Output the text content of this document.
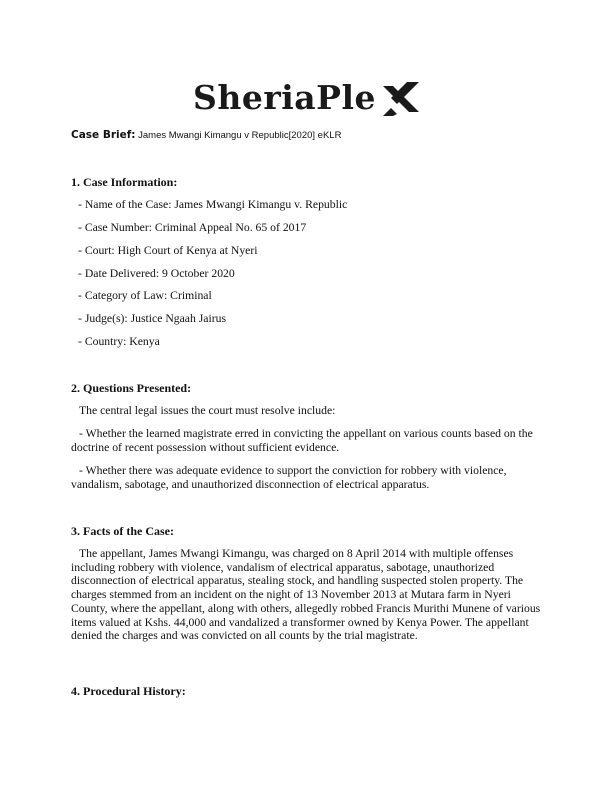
SheriaPle
Case Brief: James Mwangi Kimangu v Republic[2020] eKLR
1. Case Information:
- Name of the Case: James Mwangi Kimangu v. Republic
- Case Number: Criminal Appeal No. 65 of 2017
- Court: High Court of Kenya at Nyeri
- Date Delivered: 9 October 2020
- Category of Law: Criminal
- Judge(s): Justice Ngaah Jairus
- Country: Kenya
2. Questions Presented:
The central legal issues the court must resolve include:
- Whether the learned magistrate erred in convicting the appellant on various counts based on the doctrine of recent possession without sufficient evidence.
- Whether there was adequate evidence to support the conviction for robbery with violence, vandalism, sabotage, and unauthorized disconnection of electrical apparatus.
3. Facts of the Case:
The appellant, James Mwangi Kimangu, was charged on 8 April 2014 with multiple offenses including robbery with violence, vandalism of electrical apparatus, sabotage, unauthorized disconnection of electrical apparatus, stealing stock, and handling suspected stolen property. The charges stemmed from an incident on the night of 13 November 2013 at Mutara farm in Nyeri County, where the appellant, along with others, allegedly robbed Francis Murithi Munene of various items valued at Kshs. 44,000 and vandalized a transformer owned by Kenya Power. The appellant denied the charges and was convicted on all counts by the trial magistrate.
4. Procedural History:
